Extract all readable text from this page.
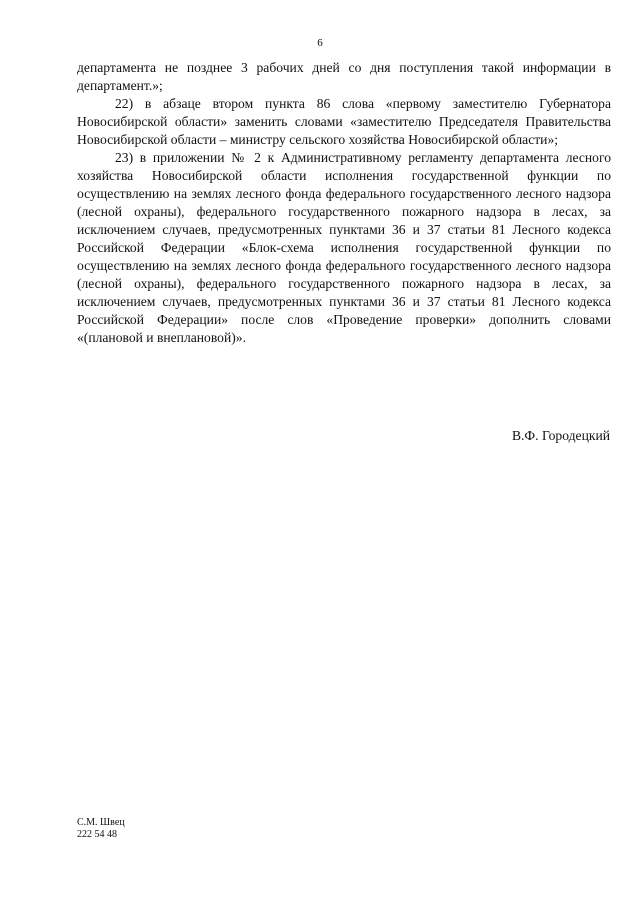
6

департамента не позднее 3 рабочих дней со дня поступления такой информации в департамент.»;

22) в абзаце втором пункта 86 слова «первому заместителю Губернатора Новосибирской области» заменить словами «заместителю Председателя Правительства Новосибирской области – министру сельского хозяйства Новосибирской области»;

23) в приложении № 2 к Административному регламенту департамента лесного хозяйства Новосибирской области исполнения государственной функции по осуществлению на землях лесного фонда федерального государственного лесного надзора (лесной охраны), федерального государственного пожарного надзора в лесах, за исключением случаев, предусмотренных пунктами 36 и 37 статьи 81 Лесного кодекса Российской Федерации «Блок-схема исполнения государственной функции по осуществлению на землях лесного фонда федерального государственного лесного надзора (лесной охраны), федерального государственного пожарного надзора в лесах, за исключением случаев, предусмотренных пунктами 36 и 37 статьи 81 Лесного кодекса Российской Федерации» после слов «Проведение проверки» дополнить словами «(плановой и внеплановой)».

В.Ф. Городецкий
С.М. Швец
222 54 48
